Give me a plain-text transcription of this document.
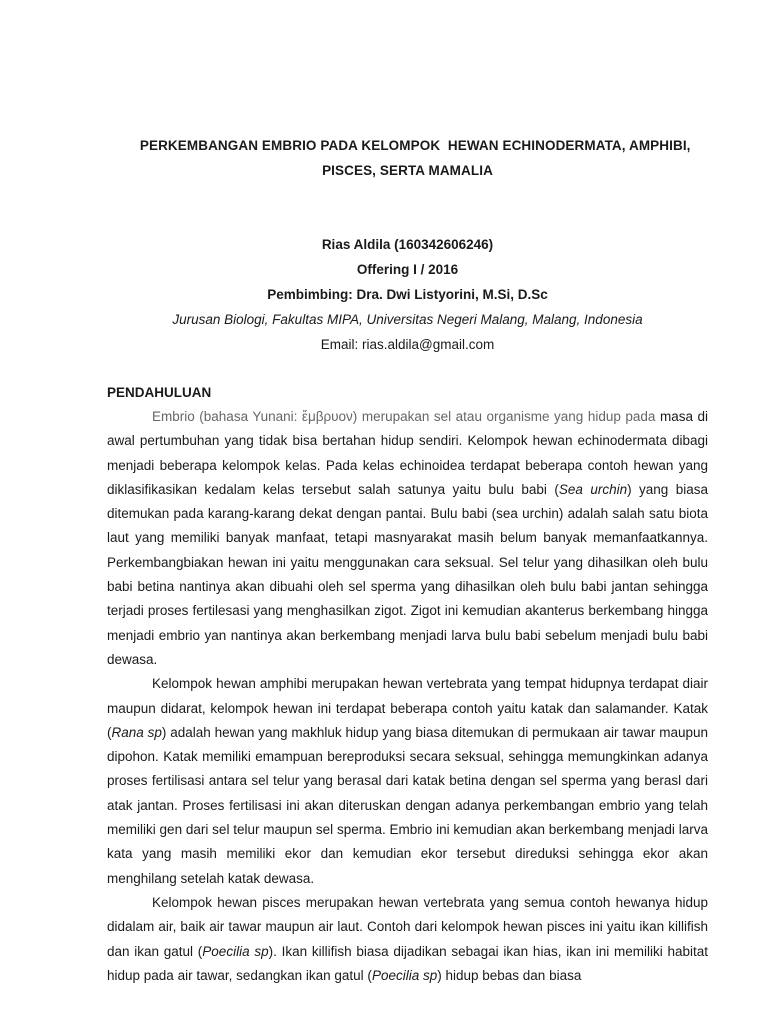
PERKEMBANGAN EMBRIO PADA KELOMPOK  HEWAN ECHINODERMATA, AMPHIBI, PISCES, SERTA MAMALIA

Rias Aldila (160342606246)
Offering I / 2016
Pembimbing: Dra. Dwi Listyorini, M.Si, D.Sc
Jurusan Biologi, Fakultas MIPA, Universitas Negeri Malang, Malang, Indonesia
Email: rias.aldila@gmail.com
PENDAHULUAN

Embrio (bahasa Yunani: ἔμβρυον) merupakan sel atau organisme yang hidup pada masa di awal pertumbuhan yang tidak bisa bertahan hidup sendiri. Kelompok hewan echinodermata dibagi menjadi beberapa kelompok kelas. Pada kelas echinoidea terdapat beberapa contoh hewan yang diklasifikasikan kedalam kelas tersebut salah satunya yaitu bulu babi (Sea urchin) yang biasa ditemukan pada karang-karang dekat dengan pantai. Bulu babi (sea urchin) adalah salah satu biota laut yang memiliki banyak manfaat, tetapi masnyarakat masih belum banyak memanfaatkannya. Perkembangbiakan hewan ini yaitu menggunakan cara seksual. Sel telur yang dihasilkan oleh bulu babi betina nantinya akan dibuahi oleh sel sperma yang dihasilkan oleh bulu babi jantan sehingga terjadi proses fertilesasi yang menghasilkan zigot. Zigot ini kemudian akanterus berkembang hingga menjadi embrio yan nantinya akan berkembang menjadi larva bulu babi sebelum menjadi bulu babi dewasa.

Kelompok hewan amphibi merupakan hewan vertebrata yang tempat hidupnya terdapat diair maupun didarat, kelompok hewan ini terdapat beberapa contoh yaitu katak dan salamander. Katak (Rana sp) adalah hewan yang makhluk hidup yang biasa ditemukan di permukaan air tawar maupun dipohon. Katak memiliki emampuan bereproduksi secara seksual, sehingga memungkinkan adanya proses fertilisasi antara sel telur yang berasal dari katak betina dengan sel sperma yang berasl dari atak jantan. Proses fertilisasi ini akan diteruskan dengan adanya perkembangan embrio yang telah memiliki gen dari sel telur maupun sel sperma. Embrio ini kemudian akan berkembang menjadi larva kata yang masih memiliki ekor dan kemudian ekor tersebut direduksi sehingga ekor akan menghilang setelah katak dewasa.

Kelompok hewan pisces merupakan hewan vertebrata yang semua contoh hewanya hidup didalam air, baik air tawar maupun air laut. Contoh dari kelompok hewan pisces ini yaitu ikan killifish dan ikan gatul (Poecilia sp). Ikan killifish biasa dijadikan sebagai ikan hias, ikan ini memiliki habitat hidup pada air tawar, sedangkan ikan gatul (Poecilia sp) hidup bebas dan biasa
